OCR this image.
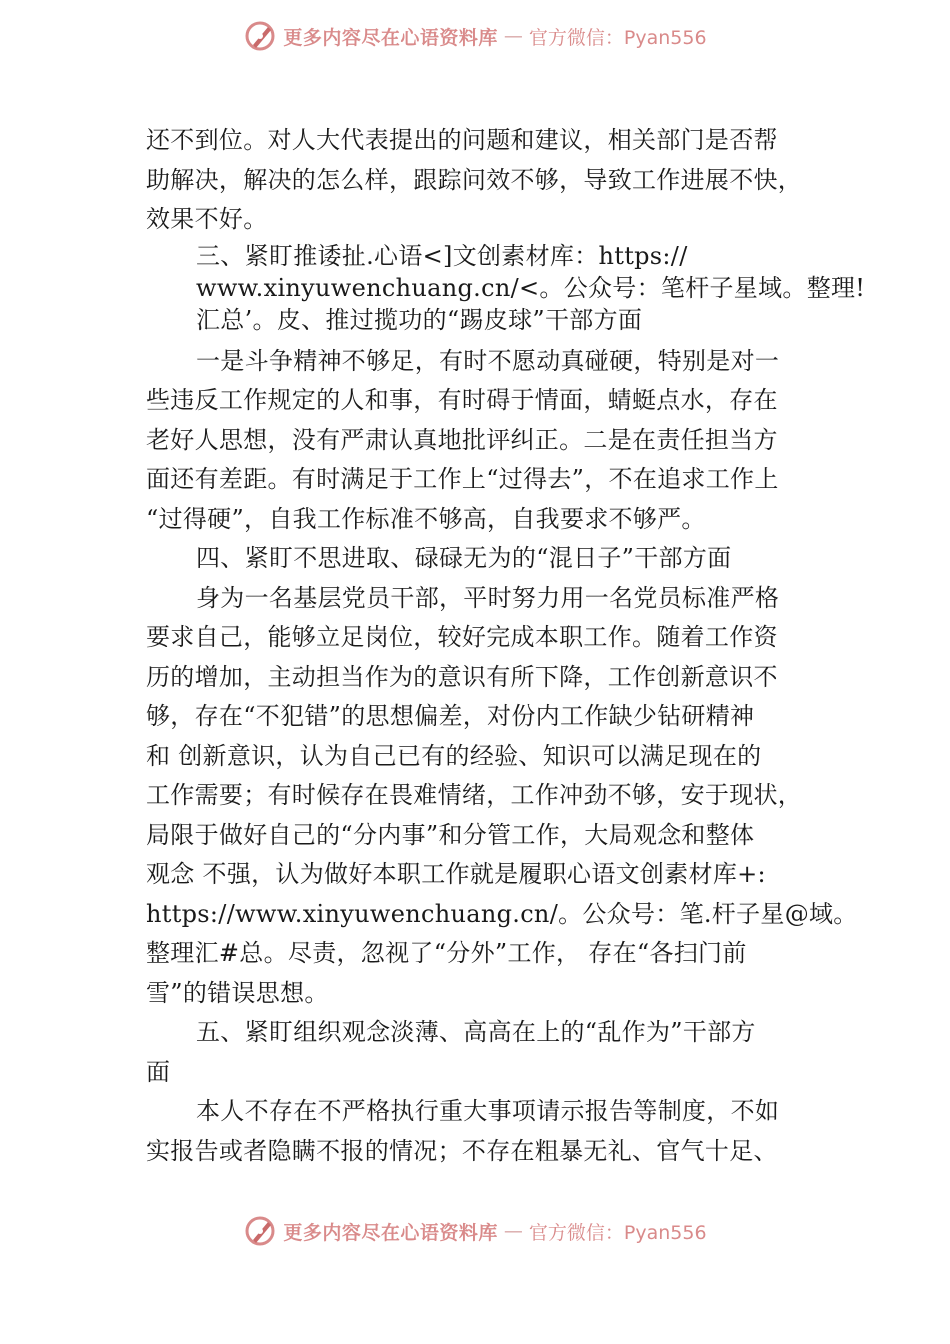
更多内容尽在心语资料库 — 官方微信：Pyan556
还不到位。对人大代表提出的问题和建议，相关部门是否帮
助解决，解决的怎么样，跟踪问效不够，导致工作进展不快，
效果不好。
三、紧盯推诿扯.心语<]文创素材库：https://
www.xinyuwenchuang.cn/<。公众号：笔杆子星域。整理!
汇总’。皮、推过揽功的“踢皮球”干部方面
一是斗争精神不够足，有时不愿动真碰硬，特别是对一
些违反工作规定的人和事，有时碍于情面，蜻蜓点水，存在
老好人思想，没有严肃认真地批评纠正。二是在责任担当方
面还有差距。有时满足于工作上“过得去”，不在追求工作上
“过得硬”，自我工作标准不够高，自我要求不够严。
四、紧盯不思进取、碌碌无为的“混日子”干部方面
身为一名基层党员干部，平时努力用一名党员标准严格
要求自己，能够立足岗位，较好完成本职工作。随着工作资
历的增加，主动担当作为的意识有所下降，工作创新意识不
够，存在“不犯错”的思想偏差，对份内工作缺少钻研精神
和 创新意识，认为自己已有的经验、知识可以满足现在的
工作需要；有时候存在畏难情绪，工作冲劲不够，安于现状，
局限于做好自己的“分内事”和分管工作，大局观念和整体
观念 不强，认为做好本职工作就是履职心语文创素材库+:
https://www.xinyuwenchuang.cn/。公众号：笔.杆子星@域。
整理汇#总。尽责，忽视了“分外”工作， 存在“各扫门前
雪”的错误思想。
五、紧盯组织观念淡薄、高高在上的“乱作为”干部方
面
本人不存在不严格执行重大事项请示报告等制度，不如
实报告或者隐瞒不报的情况；不存在粗暴无礼、官气十足、
更多内容尽在心语资料库 — 官方微信：Pyan556
